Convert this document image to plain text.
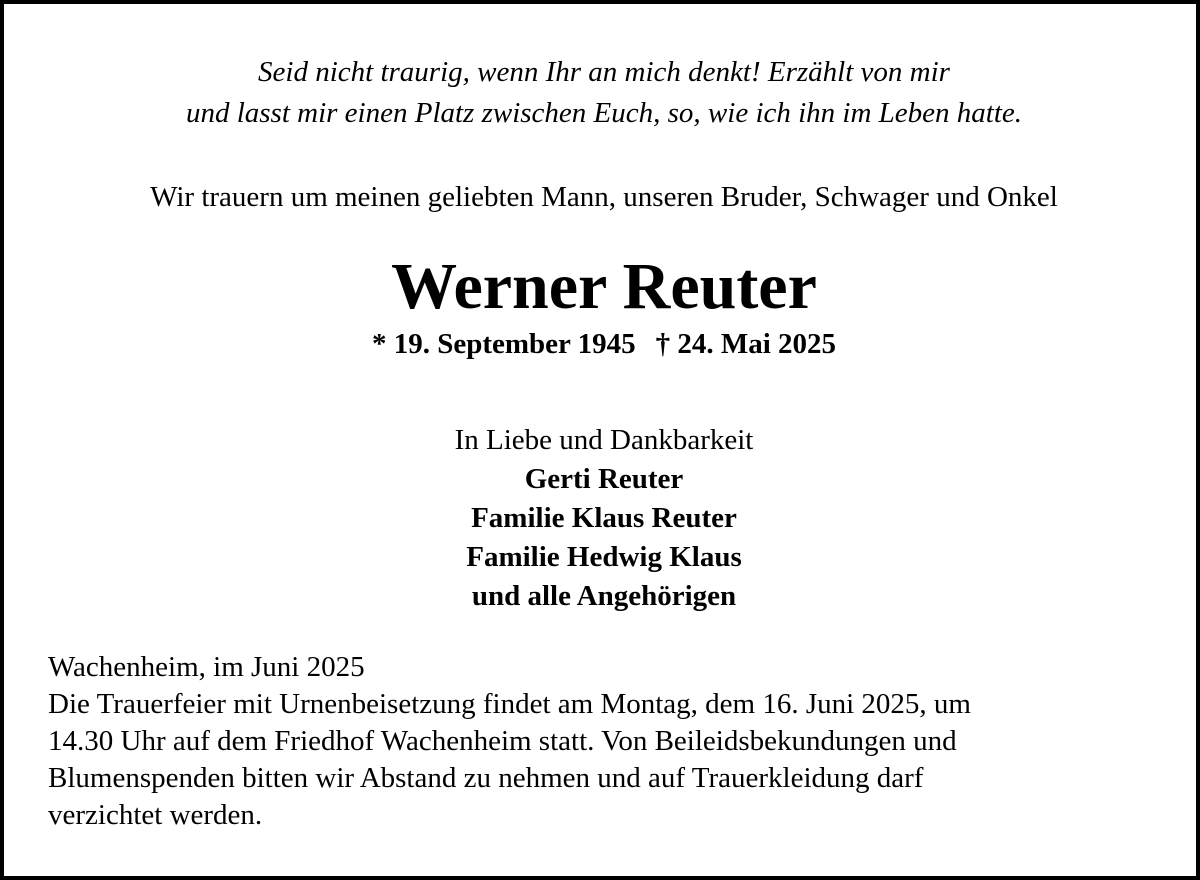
Seid nicht traurig, wenn Ihr an mich denkt! Erzählt von mir
und lasst mir einen Platz zwischen Euch, so, wie ich ihn im Leben hatte.
Wir trauern um meinen geliebten Mann, unseren Bruder, Schwager und Onkel
Werner Reuter
* 19. September 1945 † 24. Mai 2025
In Liebe und Dankbarkeit
Gerti Reuter
Familie Klaus Reuter
Familie Hedwig Klaus
und alle Angehörigen
Wachenheim, im Juni 2025
Die Trauerfeier mit Urnenbeisetzung findet am Montag, dem 16. Juni 2025, um
14.30 Uhr auf dem Friedhof Wachenheim statt. Von Beileidsbekundungen und
Blumenspenden bitten wir Abstand zu nehmen und auf Trauerkleidung darf
verzichtet werden.
